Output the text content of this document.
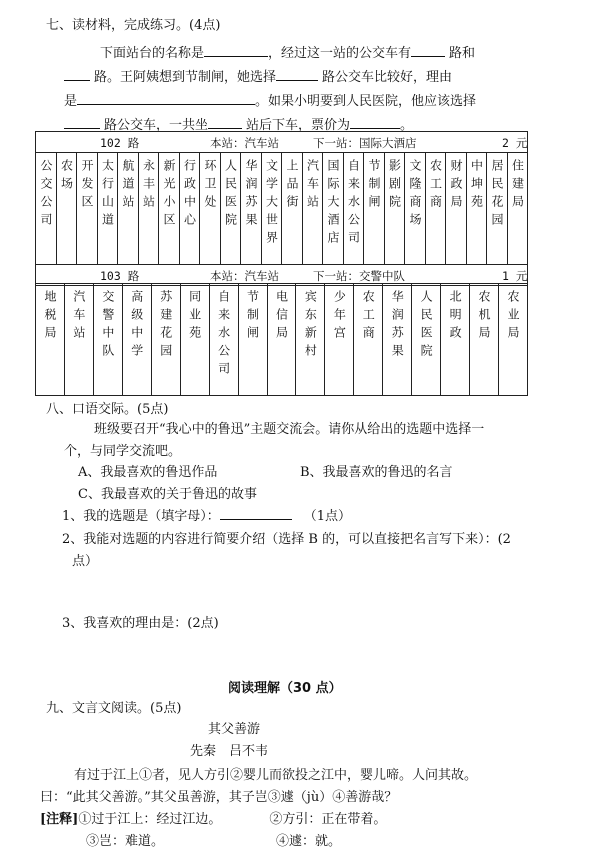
七、读材料，完成练习。(4点)
下面站台的名称是	，经过这一站的公交车有	路和
路。王阿姨想到节制闸，她选择	路公交车比较好，理由
是	。如果小明要到人民医院，他应该选择
路公交车，一共坐	站后下车，票价为	。
102 路	本站：汽车站	下一站：国际大酒店	2 元

公交公司	农场	开发区	太行山道	航道站	永丰站	新光小区	行政中心	环卫处	人民医院	华润苏果	文学大世界	上品街	汽车站	国际大酒店	自来水公司	节制闸	影剧院	文隆商场	农工商	财政局	中坤苑	居民花园	住建局

103 路	本站：汽车站	下一站：交警中队	1 元
地税局	汽车站	交警中队	高级中学	苏建花园	同业苑	自来水公司	节制闸	电信局	宾东新村	少年宫	农工商	华润苏果	人民医院	北明政	农机局	农业局
八、口语交际。(5点)
班级要召开“我心中的鲁迅”主题交流会。请你从给出的选题中选择一
个，与同学交流吧。
A、我最喜欢的鲁迅作品	B、我最喜欢的鲁迅的名言
C、我最喜欢的关于鲁迅的故事
1、我的选题是（填字母）：	（1点）
2、我能对选题的内容进行简要介绍（选择 B 的，可以直接把名言写下来）：(2
点）
3、我喜欢的理由是：(2点)
阅读理解（30 点）
九、文言文阅读。(5点)
其父善游
先秦　吕不韦
有过于江上①者，见人方引②婴儿而欲投之江中，婴儿啼。人问其故。
曰：“此其父善游。”其父虽善游，其子岂③遽（jù）④善游哉？
[注释]①过于江上：经过江边。	②方引：正在带着。
③岂：难道。	④遽：就。
